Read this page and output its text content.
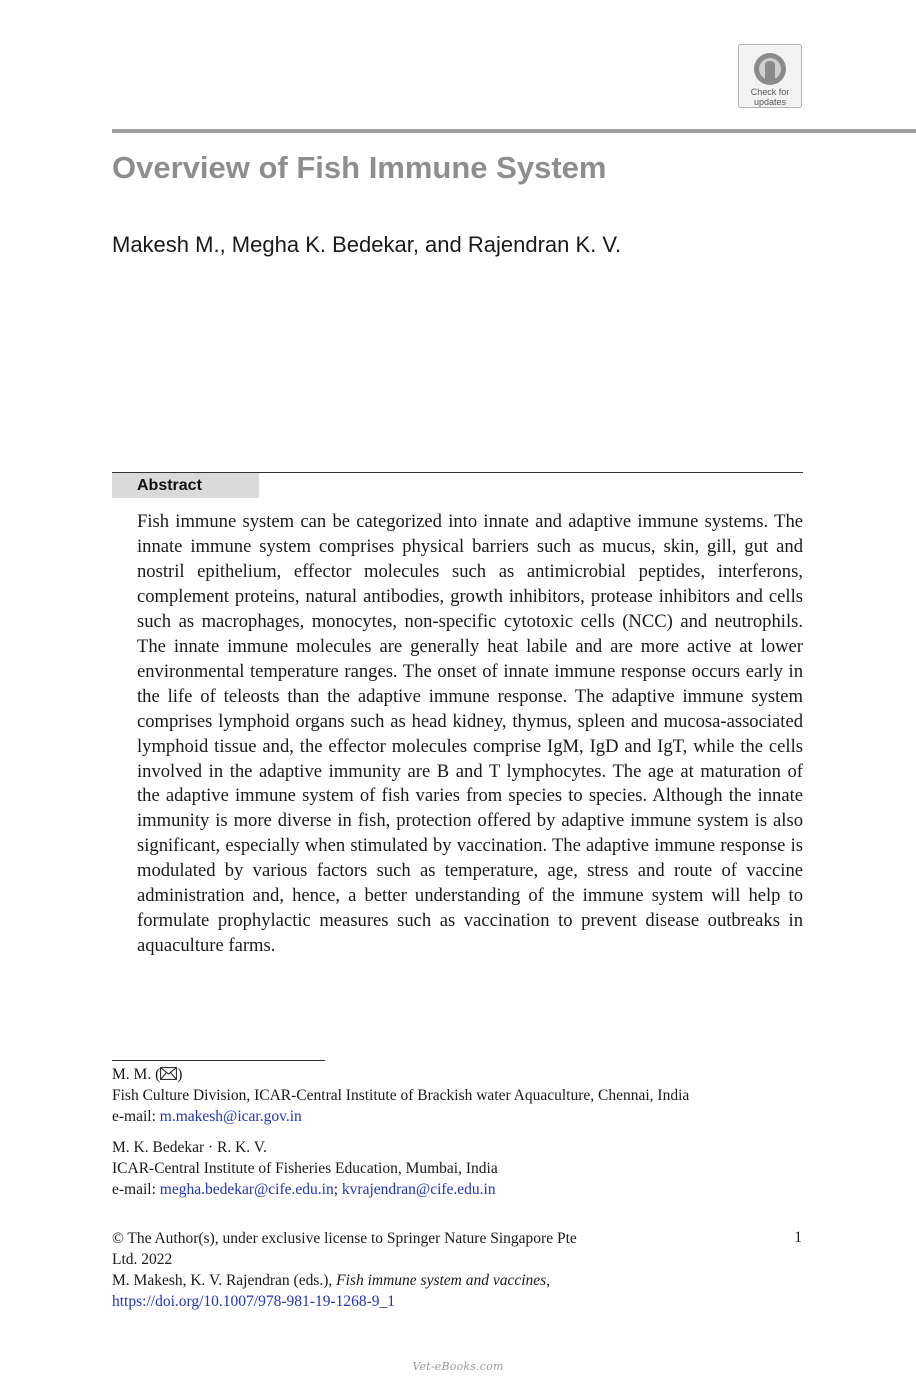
Check for
updates
Overview of Fish Immune System
Makesh M., Megha K. Bedekar, and Rajendran K. V.
Abstract

Fish immune system can be categorized into innate and adaptive immune systems. The innate immune system comprises physical barriers such as mucus, skin, gill, gut and nostril epithelium, effector molecules such as antimicrobial peptides, interferons, complement proteins, natural antibodies, growth inhibitors, protease inhibitors and cells such as macrophages, monocytes, non-specific cytotoxic cells (NCC) and neutrophils. The innate immune molecules are generally heat labile and are more active at lower environmental temperature ranges. The onset of innate immune response occurs early in the life of teleosts than the adaptive immune response. The adaptive immune system comprises lymphoid organs such as head kidney, thymus, spleen and mucosa-associated lymphoid tissue and, the effector molecules comprise IgM, IgD and IgT, while the cells involved in the adaptive immunity are B and T lymphocytes. The age at maturation of the adaptive immune system of fish varies from species to species. Although the innate immunity is more diverse in fish, protection offered by adaptive immune system is also significant, especially when stimulated by vaccination. The adaptive immune response is modulated by various factors such as temperature, age, stress and route of vaccine administration and, hence, a better understanding of the immune system will help to formulate prophylactic measures such as vaccination to prevent disease outbreaks in aquaculture farms.

M. M. ( )
Fish Culture Division, ICAR-Central Institute of Brackish water Aquaculture, Chennai, India
e-mail: m.makesh@icar.gov.in
M. K. Bedekar · R. K. V.
ICAR-Central Institute of Fisheries Education, Mumbai, India
e-mail: megha.bedekar@cife.edu.in; kvrajendran@cife.edu.in
© The Author(s), under exclusive license to Springer Nature Singapore Pte
Ltd. 2022
M. Makesh, K. V. Rajendran (eds.), Fish immune system and vaccines,
https://doi.org/10.1007/978-981-19-1268-9_1
1
Vet-eBooks.com
